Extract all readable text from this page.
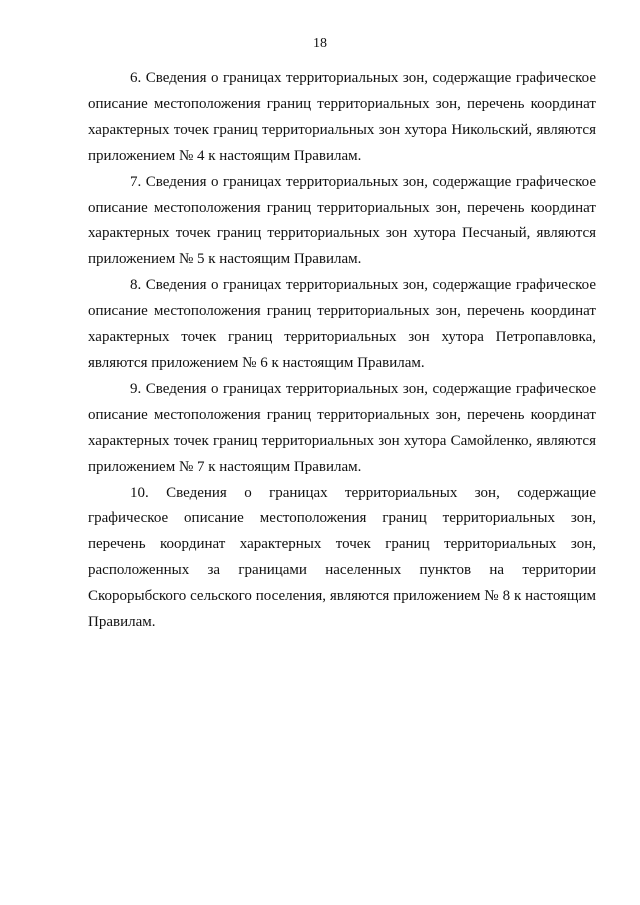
18

6. Сведения о границах территориальных зон, содержащие графическое описание местоположения границ территориальных зон, перечень координат характерных точек границ территориальных зон хутора Никольский, являются приложением № 4 к настоящим Правилам.

7. Сведения о границах территориальных зон, содержащие графическое описание местоположения границ территориальных зон, перечень координат характерных точек границ территориальных зон хутора Песчаный, являются приложением № 5 к настоящим Правилам.

8. Сведения о границах территориальных зон, содержащие графическое описание местоположения границ территориальных зон, перечень координат характерных точек границ территориальных зон хутора Петропавловка, являются приложением № 6 к настоящим Правилам.

9. Сведения о границах территориальных зон, содержащие графическое описание местоположения границ территориальных зон, перечень координат характерных точек границ территориальных зон хутора Самойленко, являются приложением № 7 к настоящим Правилам.

10. Сведения о границах территориальных зон, содержащие графическое описание местоположения границ территориальных зон, перечень координат характерных точек границ территориальных зон, расположенных за границами населенных пунктов на территории Скорорыбского сельского поселения, являются приложением № 8 к настоящим Правилам.
